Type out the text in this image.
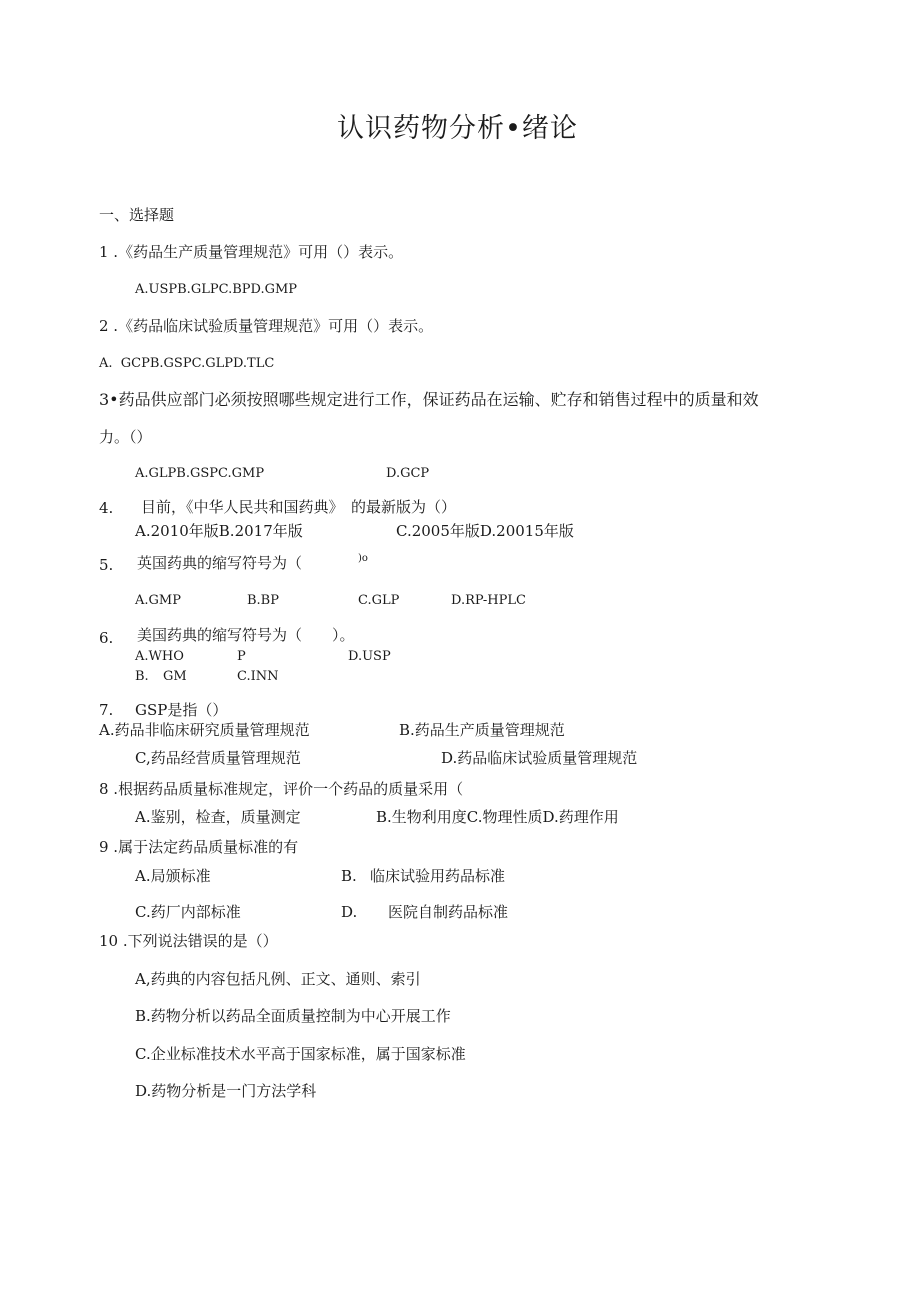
认识药物分析•绪论
一、选择题
1 .《药品生产质量管理规范》可用（）表示。
A.USPB.GLPC.BPD.GMP
2 .《药品临床试验质量管理规范》可用（）表示。
A.  GCPB.GSPC.GLPD.TLC
3•药品供应部门必须按照哪些规定进行工作，保证药品在运输、贮存和销售过程中的质量和效
力。（）
A.GLPB.GSPC.GMP	D.GCP
4. 目前，《中华人民共和国药典》　的最新版为（）
A.2010年版B.2017年版	C.2005年版D.20015年版
5. 英国药典的缩写符号为（	)o
A.GMP	B.BP	C.GLP	D.RP-HPLC
6. 美国药典的缩写符号为（　　）。
A.WHO	P	D.USP
B. GM	C.INN
7. GSP是指（）
A.药品非临床研究质量管理规范	B.药品生产质量管理规范
C,药品经营质量管理规范	D.药品临床试验质量管理规范
8 .根据药品质量标准规定，评价一个药品的质量采用（
A.鉴别，检查，质量测定	B.生物利用度C.物理性质D.药理作用
9 .属于法定药品质量标准的有
A.局颁标准	B. 临床试验用药品标准
C.药厂内部标准	D. 医院自制药品标准
10 .下列说法错误的是（）
A,药典的内容包括凡例、正文、通则、索引
B.药物分析以药品全面质量控制为中心开展工作
C.企业标准技术水平高于国家标准，属于国家标准
D.药物分析是一门方法学科
